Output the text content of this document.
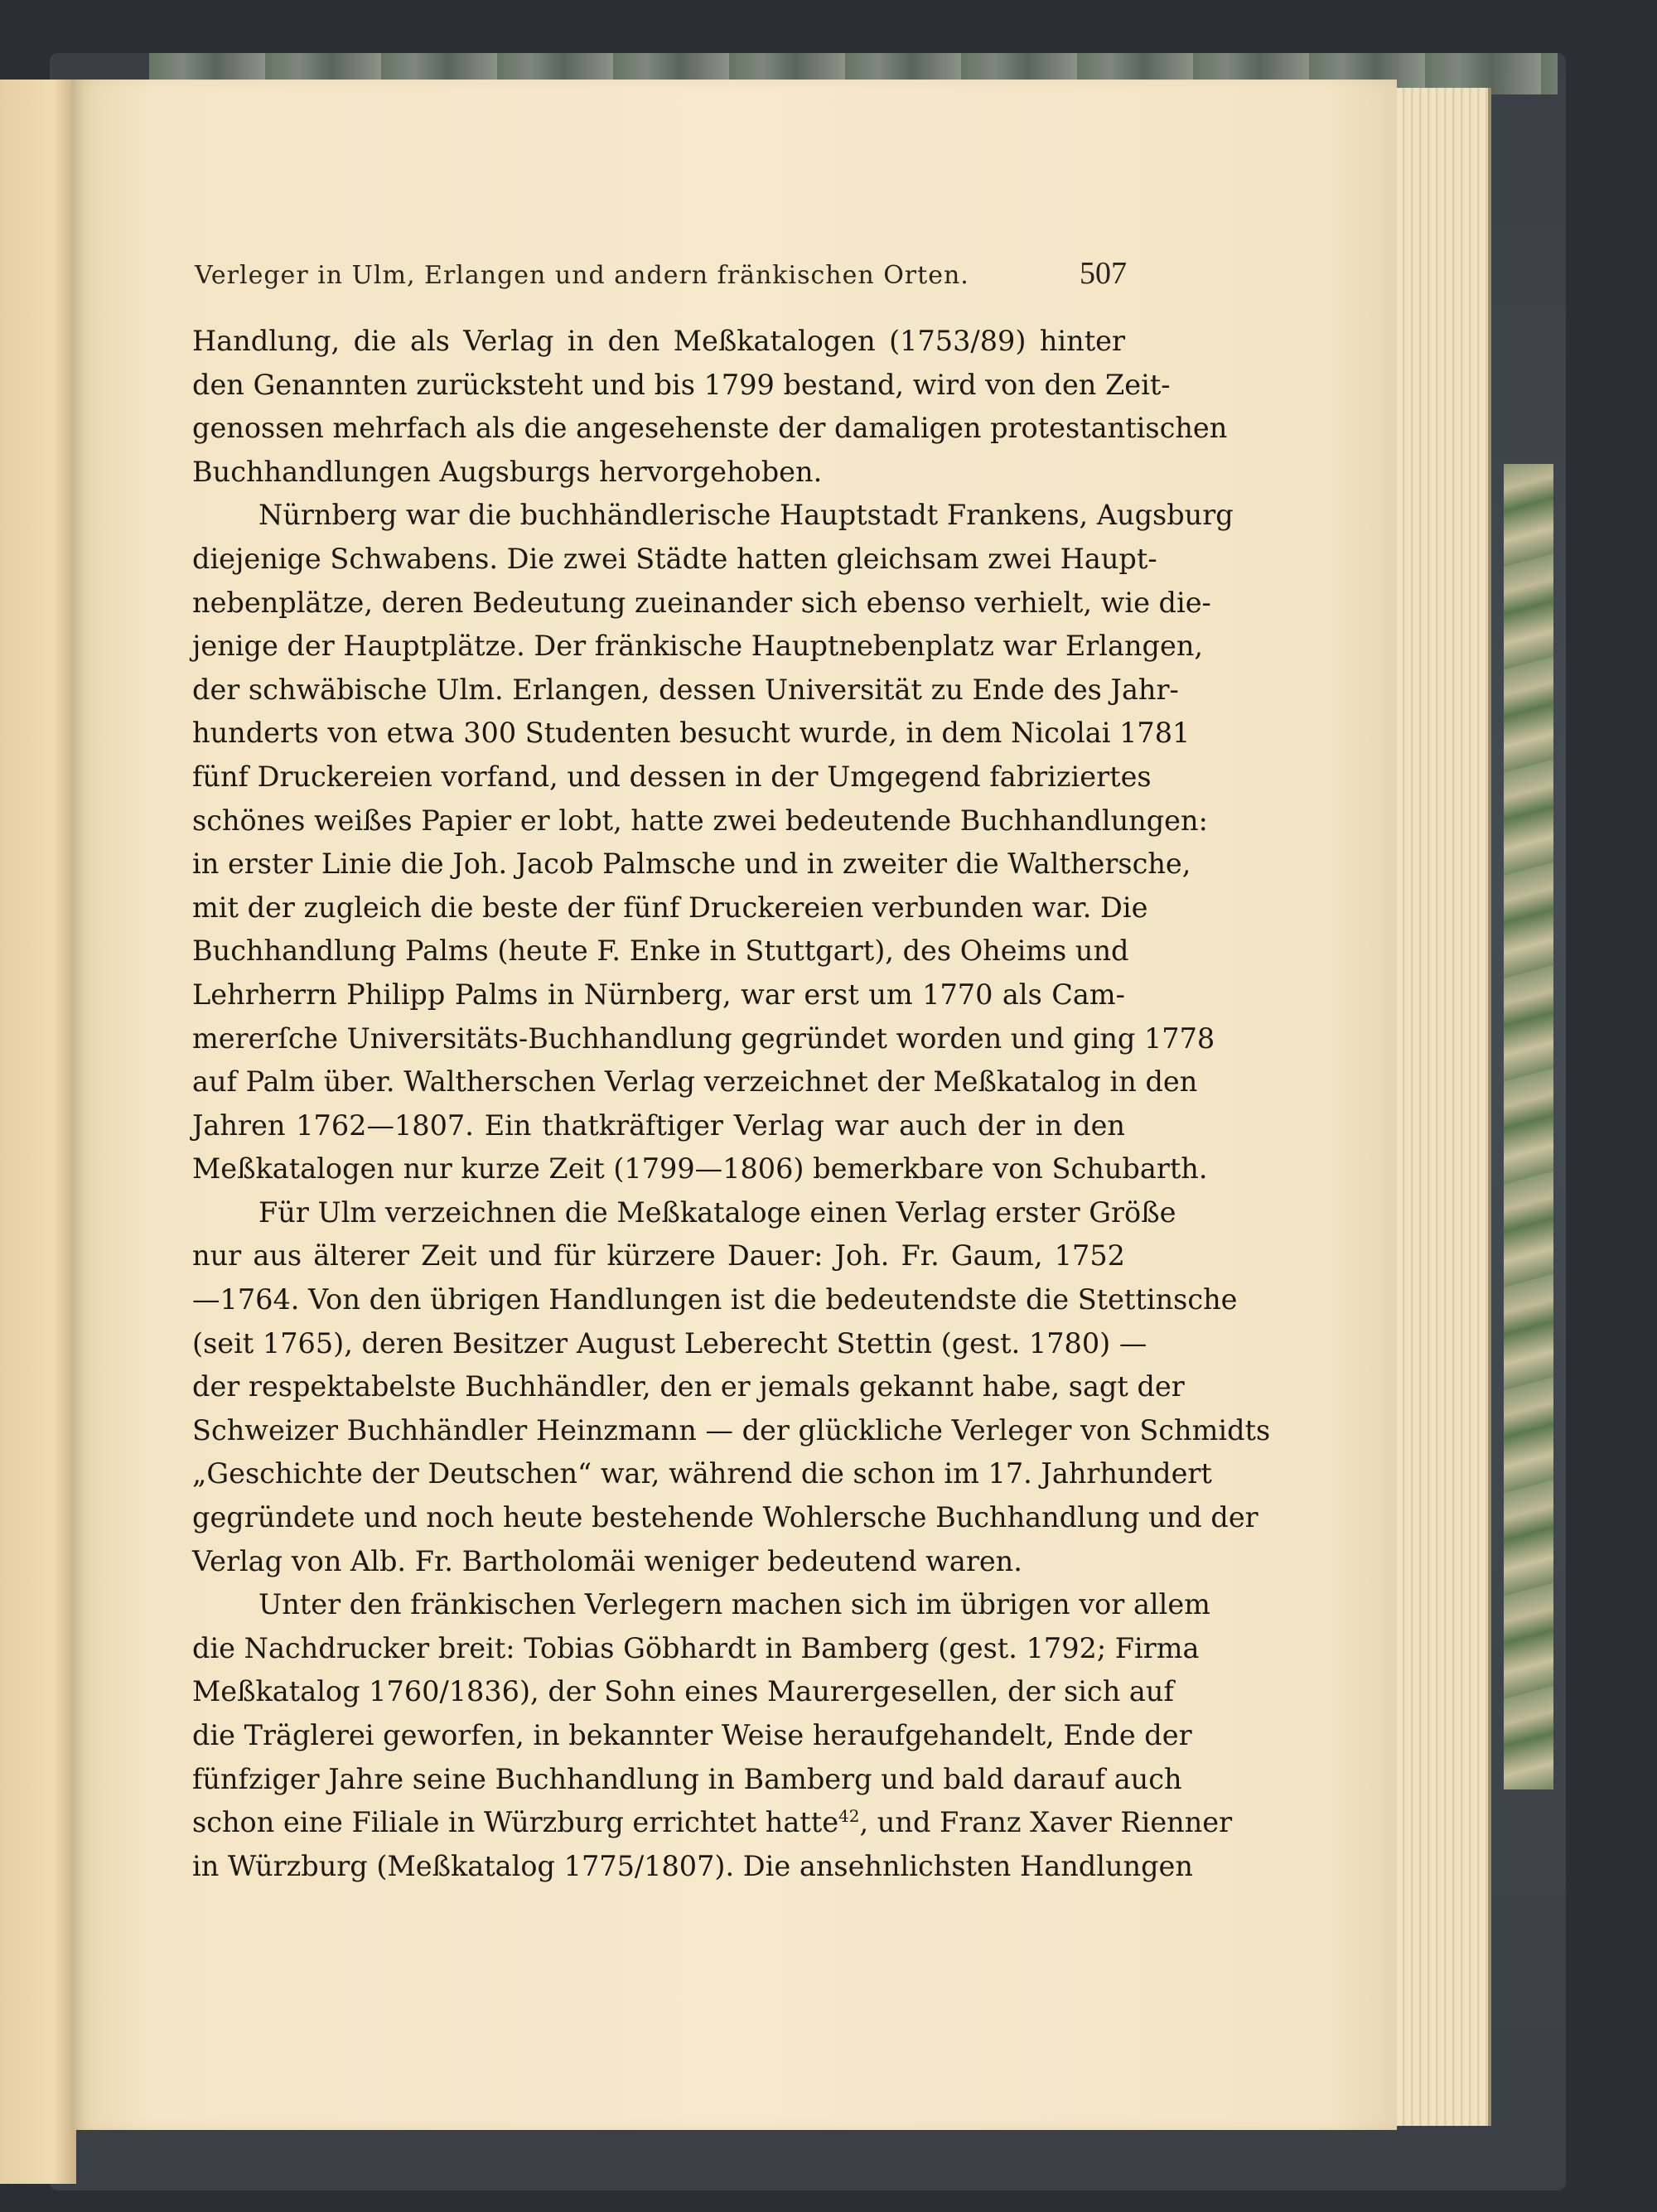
Verleger in Ulm, Erlangen und andern fränkischen Orten.	507
Handlung, die als Verlag in den Meßkatalogen (1753/89) hinter
den Genannten zurücksteht und bis 1799 bestand, wird von den Zeit-
genossen mehrfach als die angesehenste der damaligen protestantischen
Buchhandlungen Augsburgs hervorgehoben.
Nürnberg war die buchhändlerische Hauptstadt Frankens, Augsburg
diejenige Schwabens. Die zwei Städte hatten gleichsam zwei Haupt-
nebenplätze, deren Bedeutung zueinander sich ebenso verhielt, wie die-
jenige der Hauptplätze. Der fränkische Hauptnebenplatz war Erlangen,
der schwäbische Ulm. Erlangen, dessen Universität zu Ende des Jahr-
hunderts von etwa 300 Studenten besucht wurde, in dem Nicolai 1781
fünf Druckereien vorfand, und dessen in der Umgegend fabriziertes
schönes weißes Papier er lobt, hatte zwei bedeutende Buchhandlungen:
in erster Linie die Joh. Jacob Palmsche und in zweiter die Walthersche,
mit der zugleich die beste der fünf Druckereien verbunden war. Die
Buchhandlung Palms (heute F. Enke in Stuttgart), des Oheims und
Lehrherrn Philipp Palms in Nürnberg, war erst um 1770 als Cam-
mererſche Universitäts-Buchhandlung gegründet worden und ging 1778
auf Palm über. Waltherschen Verlag verzeichnet der Meßkatalog in den
Jahren 1762—1807. Ein thatkräftiger Verlag war auch der in den
Meßkatalogen nur kurze Zeit (1799—1806) bemerkbare von Schubarth.
Für Ulm verzeichnen die Meßkataloge einen Verlag erster Größe
nur aus älterer Zeit und für kürzere Dauer: Joh. Fr. Gaum, 1752
—1764. Von den übrigen Handlungen ist die bedeutendste die Stettinsche
(seit 1765), deren Besitzer August Leberecht Stettin (gest. 1780) —
der respektabelste Buchhändler, den er jemals gekannt habe, sagt der
Schweizer Buchhändler Heinzmann — der glückliche Verleger von Schmidts
„Geschichte der Deutschen“ war, während die schon im 17. Jahrhundert
gegründete und noch heute bestehende Wohlersche Buchhandlung und der
Verlag von Alb. Fr. Bartholomäi weniger bedeutend waren.
Unter den fränkischen Verlegern machen sich im übrigen vor allem
die Nachdrucker breit: Tobias Göbhardt in Bamberg (gest. 1792; Firma
Meßkatalog 1760/1836), der Sohn eines Maurergesellen, der sich auf
die Träglerei geworfen, in bekannter Weise heraufgehandelt, Ende der
fünfziger Jahre seine Buchhandlung in Bamberg und bald darauf auch
schon eine Filiale in Würzburg errichtet hatte$^{42}$, und Franz Xaver Rienner
in Würzburg (Meßkatalog 1775/1807). Die ansehnlichsten Handlungen
